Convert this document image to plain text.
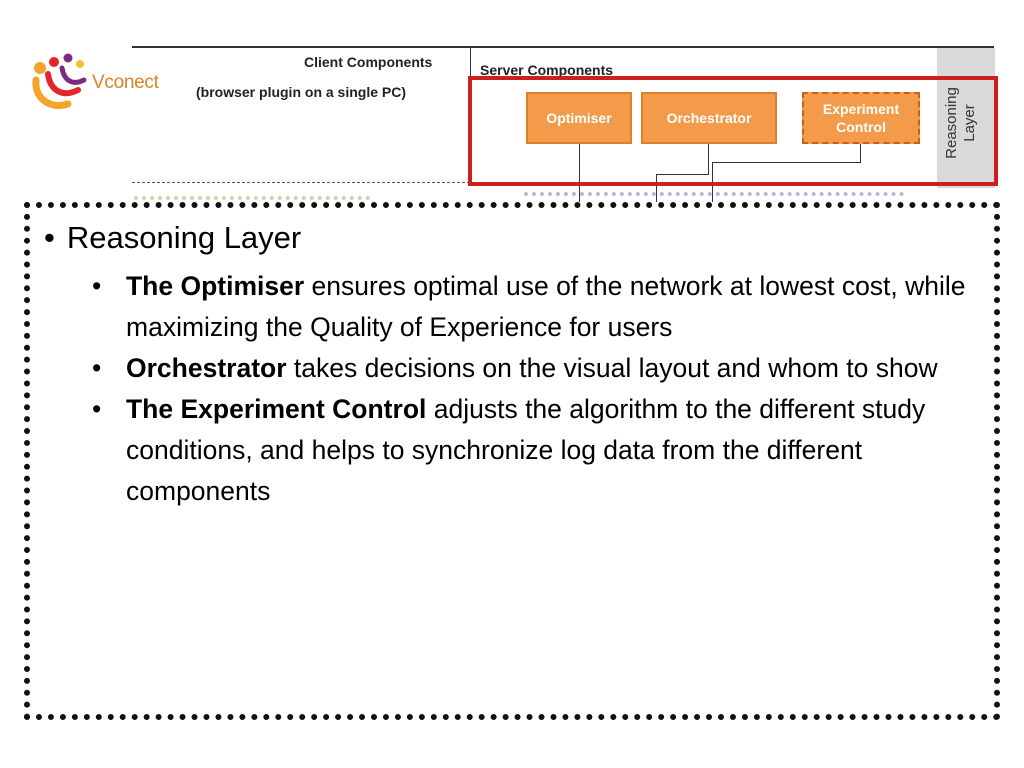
Vconect
Reasoning
Layer
Client Components
(browser plugin on a single PC)
Server Components
Optimiser	Orchestrator
Experiment
Control
• Reasoning Layer
• The Optimiser ensures optimal use of the network at lowest cost, while maximizing the Quality of Experience for users
• Orchestrator takes decisions on the visual layout and whom to show
• The Experiment Control adjusts the algorithm to the different study conditions, and helps to synchronize log data from the different components
